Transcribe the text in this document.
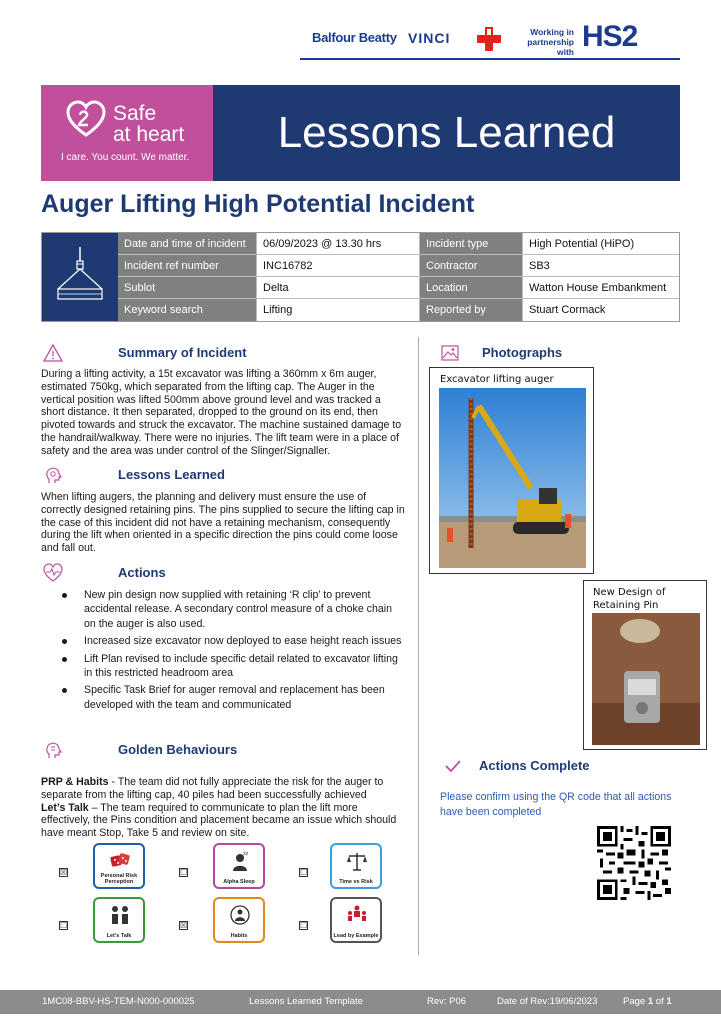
Balfour Beatty VINCI	Working in partnership with HS2
Safe
at heart
I care. You count. We matter.
Lessons Learned
Auger Lifting High Potential Incident
Date and time of incident	06/09/2023 @ 13.30 hrs	Incident type	High Potential (HiPO)
Incident ref number	INC16782	Contractor	SB3
Sublot	Delta	Location	Watton House Embankment
Keyword search	Lifting	Reported by	Stuart Cormack
Summary of Incident
During a lifting activity, a 15t excavator was lifting a 360mm x 6m auger, estimated 750kg, which separated from the lifting cap. The Auger in the vertical position was lifted 500mm above ground level and was tracked a short distance. It then separated, dropped to the ground on its end, then pivoted towards and struck the excavator. The machine sustained damage to the handrail/walkway. There were no injuries. The lift team were in a place of safety and the area was under control of the Slinger/Signaller.
Lessons Learned
When lifting augers, the planning and delivery must ensure the use of correctly designed retaining pins. The pins supplied to secure the lifting cap in the case of this incident did not have a retaining mechanism, consequently during the lift when oriented in a specific direction the pins could come loose and fall out.
Actions
New pin design now supplied with retaining ‘R clip’ to prevent accidental release. A secondary control measure of a choke chain on the auger is also used.
Increased size excavator now deployed to ease height reach issues
Lift Plan revised to include specific detail related to excavator lifting in this restricted headroom area
Specific Task Brief for auger removal and replacement has been developed with the team and communicated
Golden Behaviours
PRP & Habits - The team did not fully appreciate the risk for the auger to separate from the lifting cap, 40 piles had been successfully achieved
Let’s Talk – The team required to communicate to plan the lift more effectively, the Pins condition and placement became an issue which should have meant Stop, Take 5 and review on site.
☒	Personal Risk Perception
☐
zz
Alpha Sleep
☐
Time vs Risk
☐
Let’s Talk
☒
Habits
☐
Lead by Example
Photographs
Excavator lifting auger
New Design of
Retaining Pin
Actions Complete
Please confirm using the QR code that all actions have been completed
1MC08-BBV-HS-TEM-N000-000025	Lessons Learned Template	Rev: P06	Date of Rev:19/06/2023	Page 1 of 1
